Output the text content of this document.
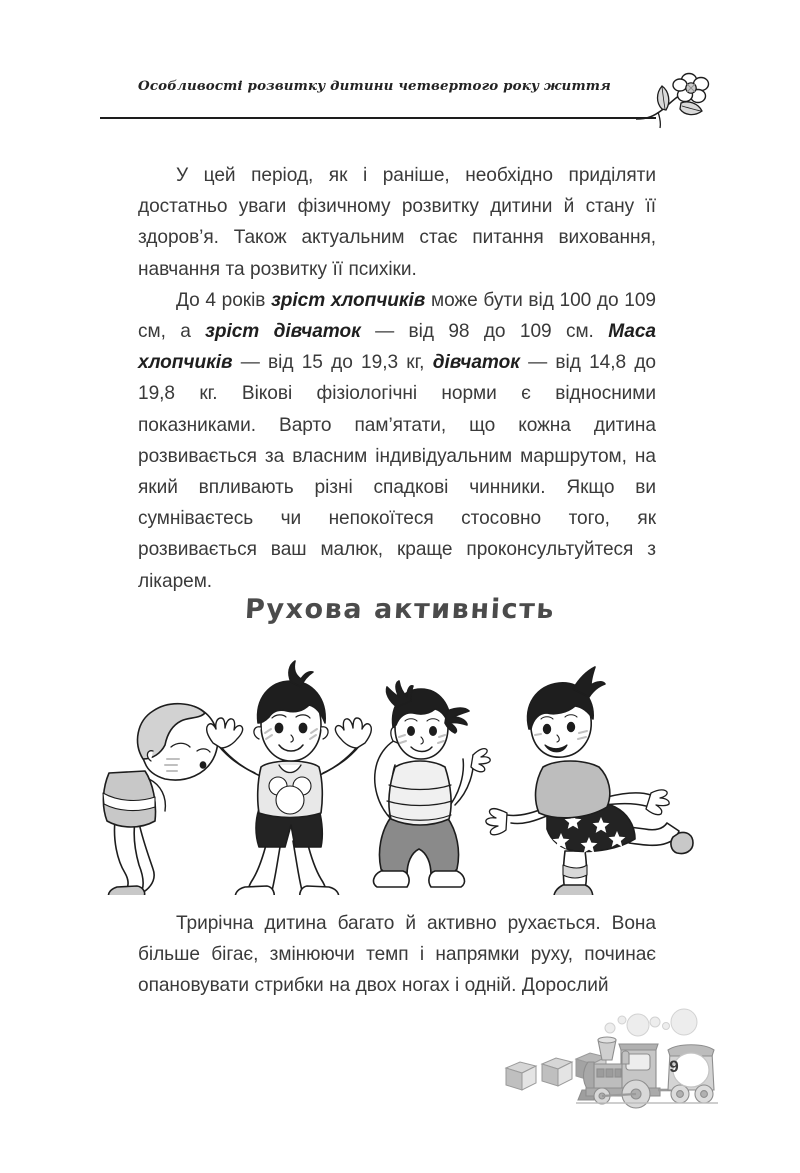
Особливості розвитку дитини четвертого року життя

У цей період, як і раніше, необхідно приділяти достатньо уваги фізичному розвитку дитини й стану її здоров’я. Також актуальним стає питання виховання, навчання та розвитку її психіки.

До 4 років зріст хлопчиків може бути від 100 до 109 см, а зріст дівчаток — від 98 до 109 см. Маса хлопчиків — від 15 до 19,3 кг, дівчаток — від 14,8 до 19,8 кг. Віковi фізіологічні норми є відносними показниками. Варто пам’ятати, що кожна дитина розвивається за власним індивідуальним маршрутом, на який впливають різні спадкові чинники. Якщо ви сумніваєтесь чи непокоїтеся стосовно того, як розвивається ваш малюк, краще проконсультуйтеся з лікарем.

Рухова активність

Трирічна дитина багато й активно рухається. Вона більше бігає, змінюючи темп і напрямки руху, починає опановувати стрибки на двох ногах і одній. Дорослий

9
